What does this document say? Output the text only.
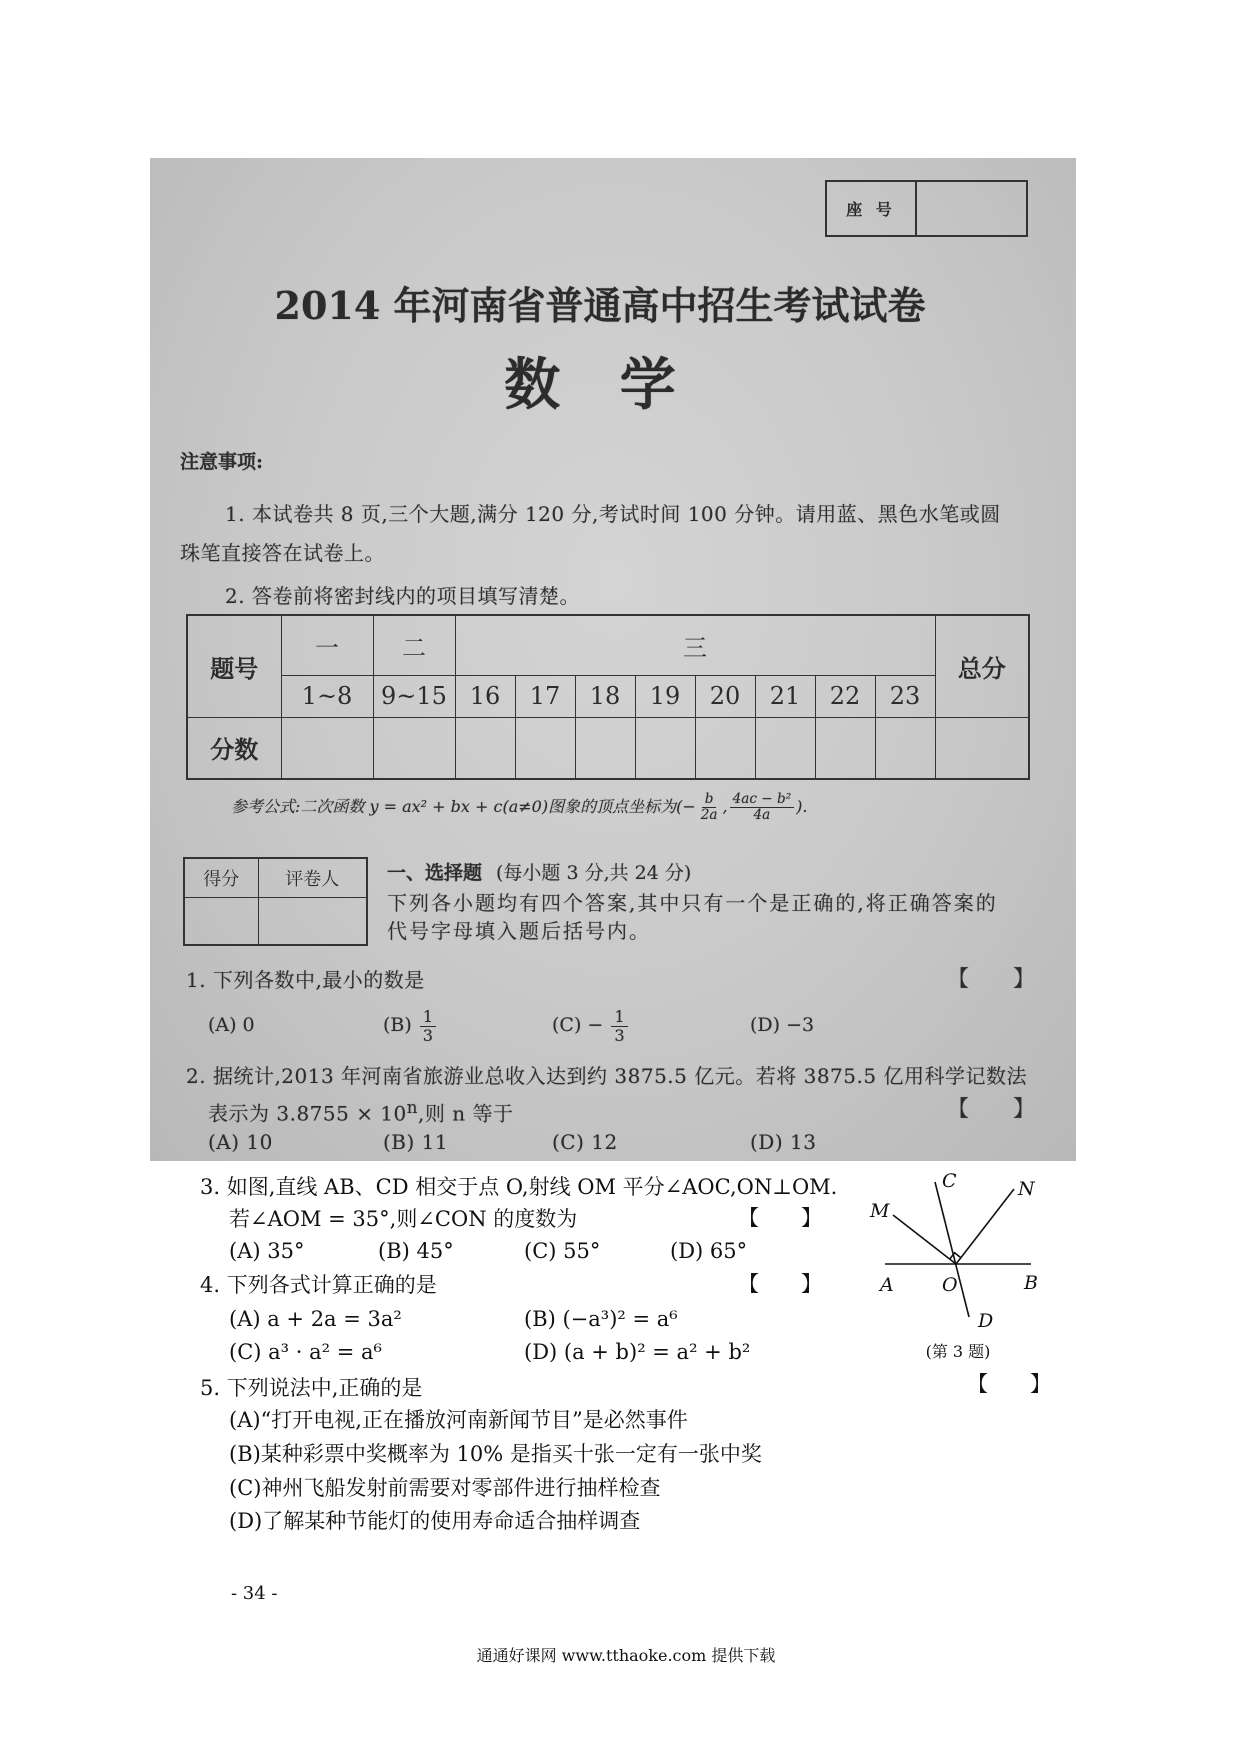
座 号
2014 年河南省普通高中招生考试试卷
数 学
注意事项:
1. 本试卷共 8 页,三个大题,满分 120 分,考试时间 100 分钟。请用蓝、黑色水笔或圆
珠笔直接答在试卷上。
2. 答卷前将密封线内的项目填写清楚。
题号	一	二	三								总分
	1~8	9~15	16	17	18	19	20	21	22	23	
分数											
参考公式:二次函数 y = ax² + bx + c(a≠0)图象的顶点坐标为 (− $\frac{b}{2a}$ , $\frac{\text{4ac − b²}}{4a}$ ).
得分	评卷人
		一、选择题 (每小题 3 分,共 24 分)
下列各小题均有四个答案,其中只有一个是正确的,将正确答案的
代号字母填入题后括号内。
1. 下列各数中,最小的数是	【　　】
(A) 0	$(B) \frac{1}{3}$	$(C) - \frac{1}{3}$	(D) −3
2. 据统计,2013 年河南省旅游业总收入达到约 3875.5 亿元。若将 3875.5 亿用科学记数法
表示为 $3.8755 \times 10^n$,则 n 等于	【　　】
(A) 10	(B) 11	(C) 12	(D) 13
3. 如图,直线 AB、CD 相交于点 O,射线 OM 平分∠AOC,ON⊥OM.
若∠AOM = 35°,则∠CON 的度数为	【　　】
(A) 35°	(B) 45°	(C) 55°	(D) 65°
M
C	N
A	O	B
D
(第 3 题)
4. 下列各式计算正确的是	【　　】
(A) a + 2a = 3a²	(B) (−a³)² = a⁶
(C) a³ · a² = a⁶	(D) (a + b)² = a² + b²
5. 下列说法中,正确的是	【　　】
(A)“打开电视,正在播放河南新闻节目”是必然事件
(B)某种彩票中奖概率为 10% 是指买十张一定有一张中奖
(C)神州飞船发射前需要对零部件进行抽样检查
(D)了解某种节能灯的使用寿命适合抽样调查
- 34 -
通通好课网 www.tthaoke.com 提供下载
